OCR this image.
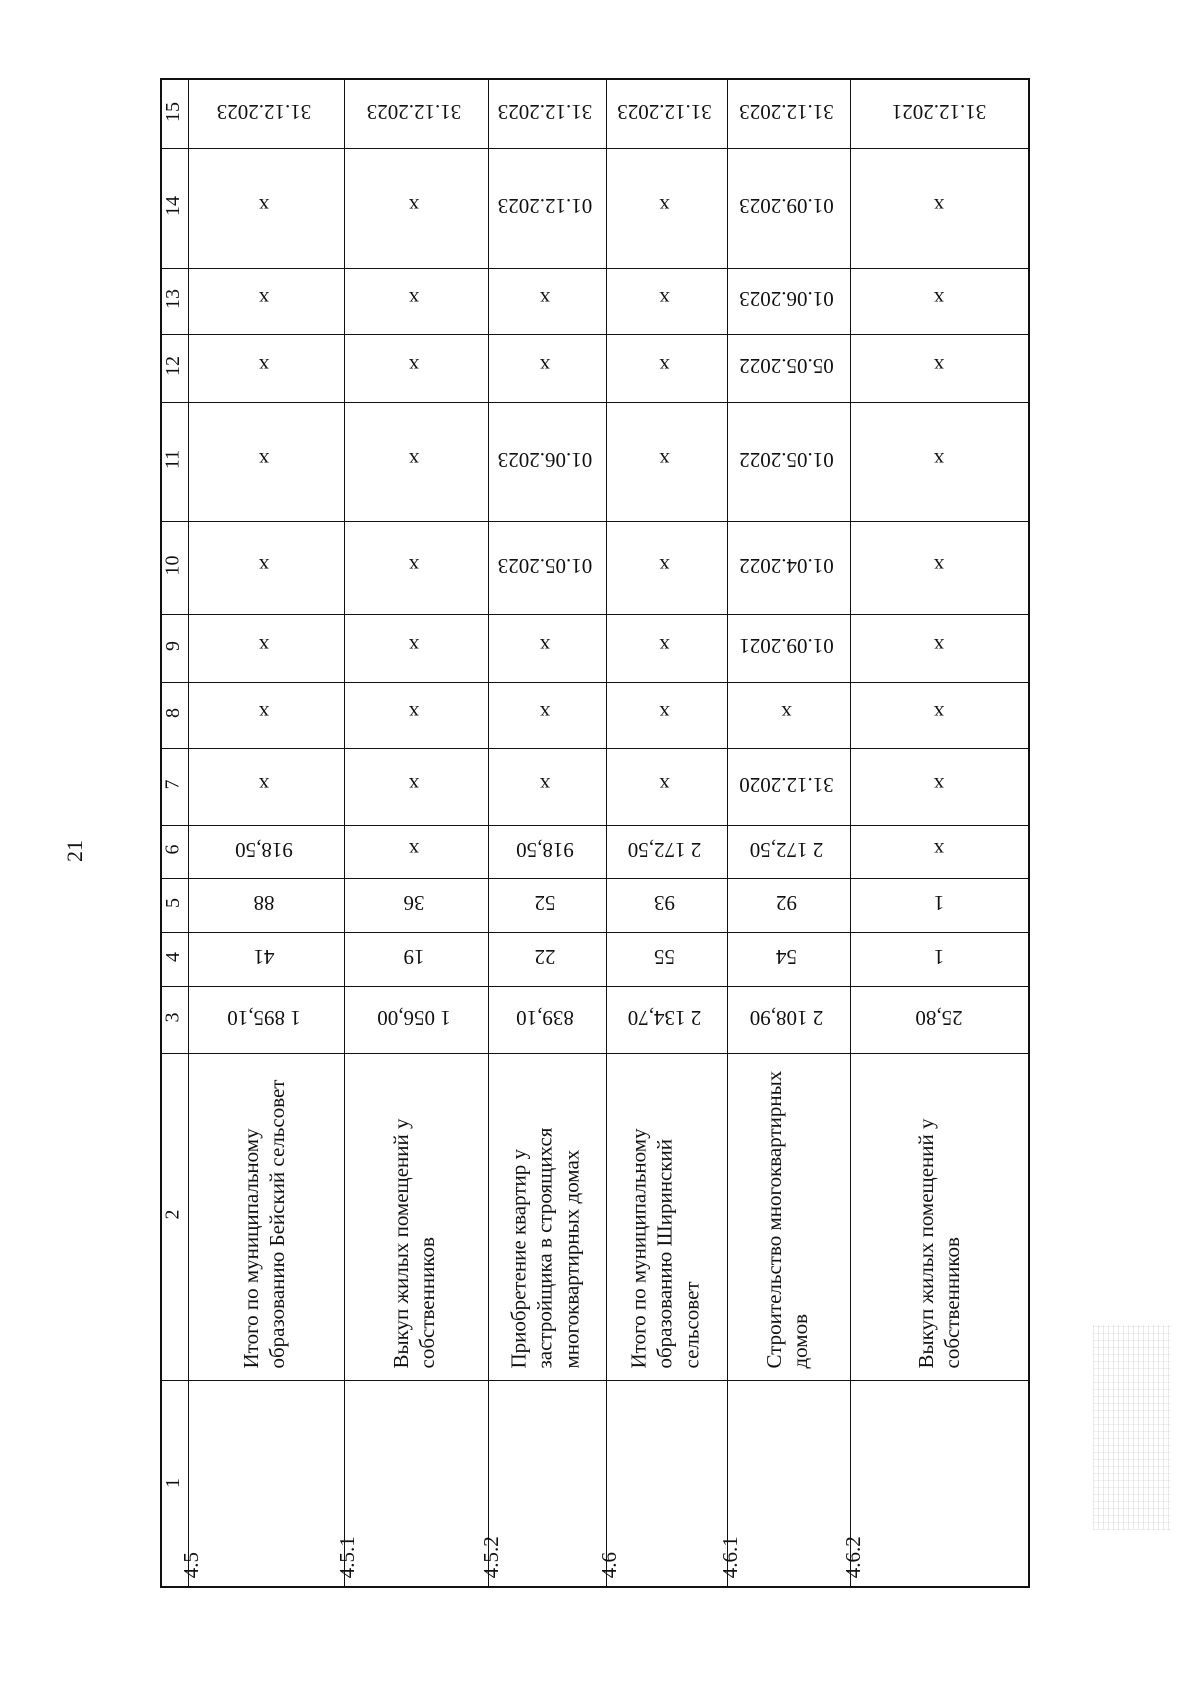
21
15
14
13
12
11
10
9
8
7
6
5
4
3
2
1
31.12.2023
x
x
x
x
x
x
x
x
918,50
88
41
1 895,10
Итого по муниципальному образованию Бейский сельсовет
4.5
31.12.2023
x
x
x
x
x
x
x
x
x
36
19
1 056,00
Выкуп жилых помещений у собственников
4.5.1
31.12.2023
01.12.2023
x
x
01.06.2023
01.05.2023
x
x
x
918,50
52
22
839,10
Приобретение квартир у застройщика в строящихся многоквартирных домах
4.5.2
31.12.2023
x
x
x
x
x
x
x
x
2 172,50
93
55
2 134,70
Итого по муниципальному образованию Ширинский сельсовет
4.6
31.12.2023
01.09.2023
01.06.2023
05.05.2022
01.05.2022
01.04.2022
01.09.2021
x
31.12.2020
2 172,50
92
54
2 108,90
Строительство многоквартирных домов
4.6.1
31.12.2021
x
x
x
x
x
x
x
x
x
1
1
25,80
Выкуп жилых помещений у собственников
4.6.2
